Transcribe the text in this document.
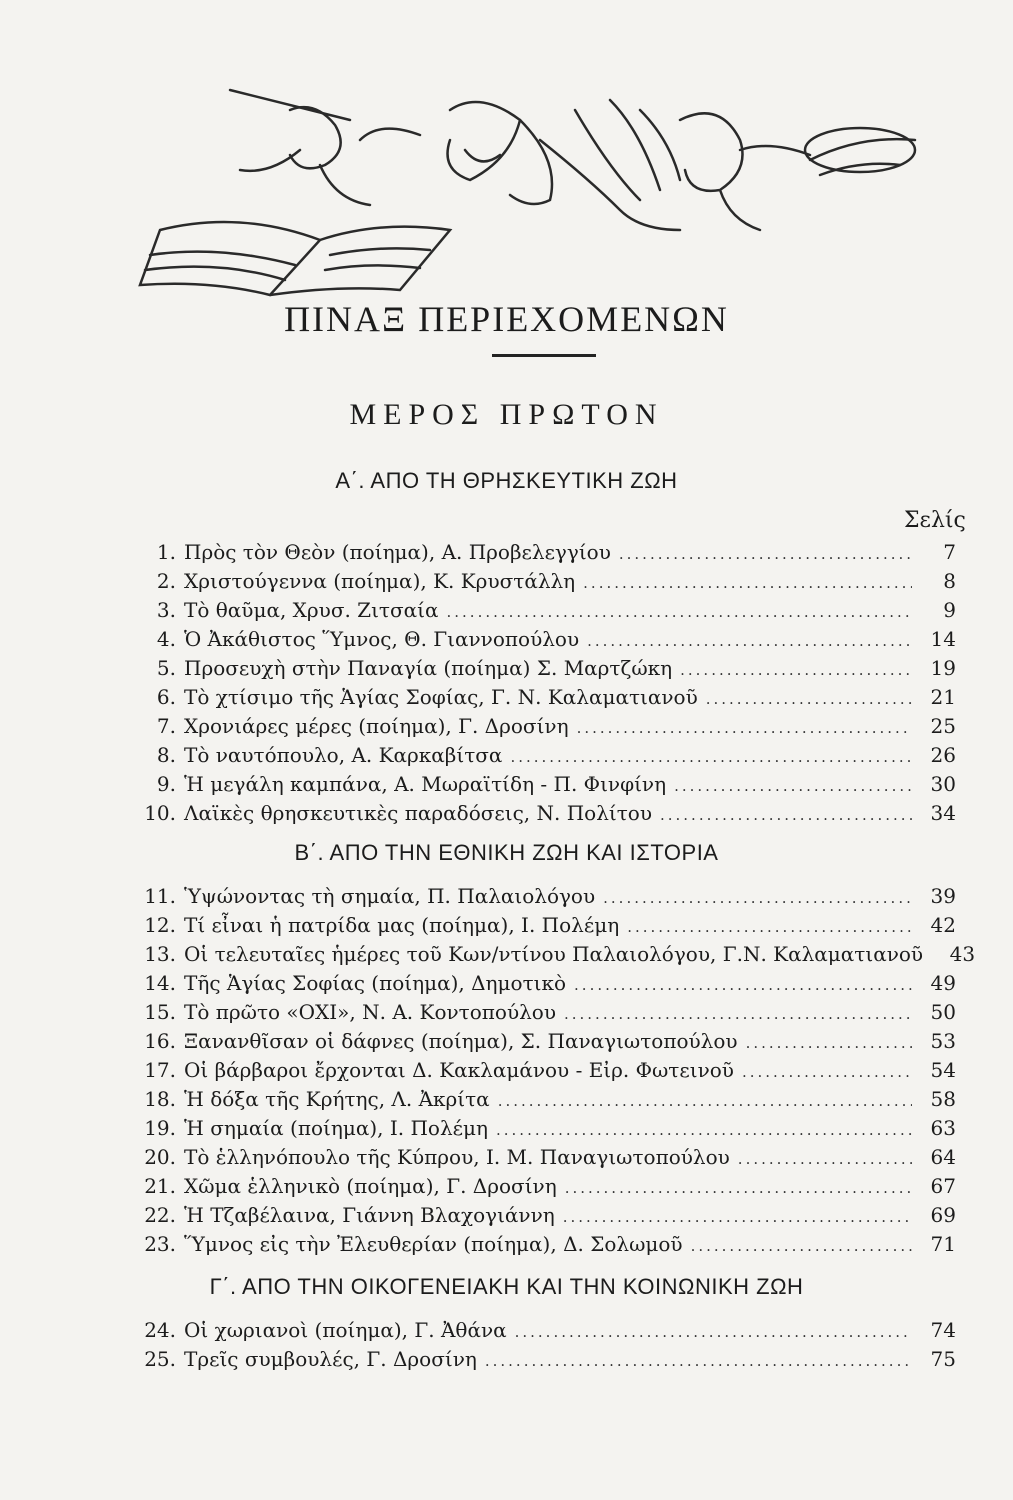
ΠΙΝΑΞ ΠΕΡΙΕΧΟΜΕΝΩΝ
ΜΕΡΟΣ ΠΡΩΤΟΝ
Α΄. ΑΠΟ ΤΗ ΘΡΗΣΚΕΥΤΙΚΗ ΖΩΗ
Σελίς
1. Πρὸς τὸν Θεὸν (ποίημα), Α. Προβελεγγίου .....	7
2. Χριστούγεννα (ποίημα), Κ. Κρυστάλλη .....	8
3. Τὸ θαῦμα, Χρυσ. Ζιτσαία .....	9
4. Ὁ Ἀκάθιστος Ὕμνος, Θ. Γιαννοπούλου .....	14
5. Προσευχὴ στὴν Παναγία (ποίημα) Σ. Μαρτζώκη .....	19
6. Τὸ χτίσιμο τῆς Ἁγίας Σοφίας, Γ. Ν. Καλαματιανοῦ .....	21
7. Χρονιάρες μέρες (ποίημα), Γ. Δροσίνη .....	25
8. Τὸ ναυτόπουλο, Α. Καρκαβίτσα .....	26
9. Ἡ μεγάλη καμπάνα, Α. Μωραϊτίδη - Π. Φινφίνη .....	30
10. Λαϊκὲς θρησκευτικὲς παραδόσεις, Ν. Πολίτου .....	34
Β΄. ΑΠΟ ΤΗΝ ΕΘΝΙΚΗ ΖΩΗ ΚΑΙ ΙΣΤΟΡΙΑ
11. Ὑψώνοντας τὴ σημαία, Π. Παλαιολόγου .....	39
12. Τί εἶναι ἡ πατρίδα μας (ποίημα), Ι. Πολέμη .....	42
13. Οἱ τελευταῖες ἡμέρες τοῦ Κων/ντίνου Παλαιολόγου, Γ.Ν. Καλαματιανοῦ	43
14. Τῆς Ἁγίας Σοφίας (ποίημα), Δημοτικὸ .....	49
15. Τὸ πρῶτο «ΟΧΙ», Ν. Α. Κοντοπούλου .....	50
16. Ξανανθῖσαν οἱ δάφνες (ποίημα), Σ. Παναγιωτοπούλου .....	53
17. Οἱ βάρβαροι ἔρχονται Δ. Κακλαμάνου - Εἰρ. Φωτεινοῦ .....	54
18. Ἡ δόξα τῆς Κρήτης, Λ. Ἀκρίτα .....	58
19. Ἡ σημαία (ποίημα), Ι. Πολέμη .....	63
20. Τὸ ἑλληνόπουλο τῆς Κύπρου, Ι. Μ. Παναγιωτοπούλου .....	64
21. Χῶμα ἑλληνικὸ (ποίημα), Γ. Δροσίνη .....	67
22. Ἡ Τζαβέλαινα, Γιάννη Βλαχογιάννη .....	69
23. Ὕμνος εἰς τὴν Ἐλευθερίαν (ποίημα), Δ. Σολωμοῦ .....	71
Γ΄. ΑΠΟ ΤΗΝ ΟΙΚΟΓΕΝΕΙΑΚΗ ΚΑΙ ΤΗΝ ΚΟΙΝΩΝΙΚΗ ΖΩΗ
24. Οἱ χωριανοὶ (ποίημα), Γ. Ἀθάνα .....	74
25. Τρεῖς συμβουλές, Γ. Δροσίνη .....	75
